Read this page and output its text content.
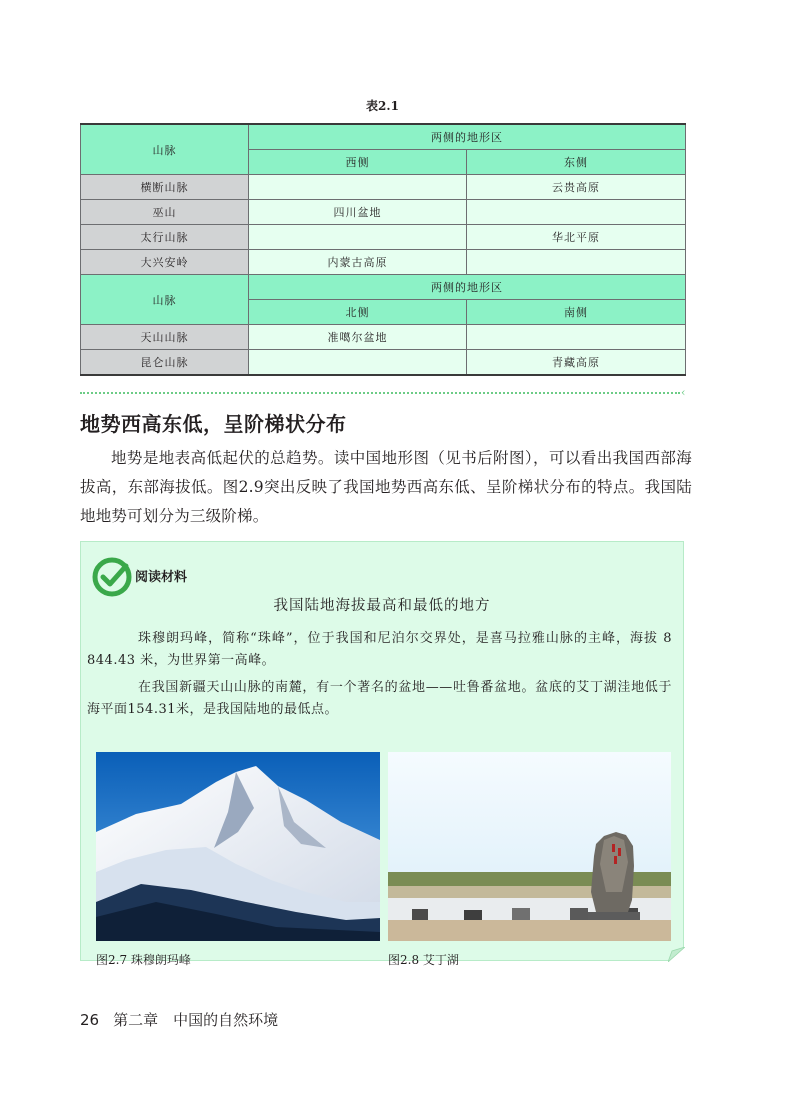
表2.1
山脉	两侧的地形区	
	西侧	东侧
横断山脉		云贵高原
巫山	四川盆地	
太行山脉		华北平原
大兴安岭	内蒙古高原	
山脉	两侧的地形区	
	北侧	南侧
天山山脉	准噶尔盆地	
昆仑山脉		青藏高原
‹
地势西高东低，呈阶梯状分布
地势是地表高低起伏的总趋势。读中国地形图（见书后附图），可以看出我国西部海拔高，东部海拔低。图2.9突出反映了我国地势西高东低、呈阶梯状分布的特点。我国陆地地势可划分为三级阶梯。
阅读材料
我国陆地海拔最高和最低的地方
珠穆朗玛峰，简称“珠峰”，位于我国和尼泊尔交界处，是喜马拉雅山脉的主峰，海拔 8 844.43 米，为世界第一高峰。
在我国新疆天山山脉的南麓，有一个著名的盆地——吐鲁番盆地。盆底的艾丁湖洼地低于海平面154.31米，是我国陆地的最低点。
图2.7 珠穆朗玛峰	图2.8 艾丁湖
26 第二章　中国的自然环境
